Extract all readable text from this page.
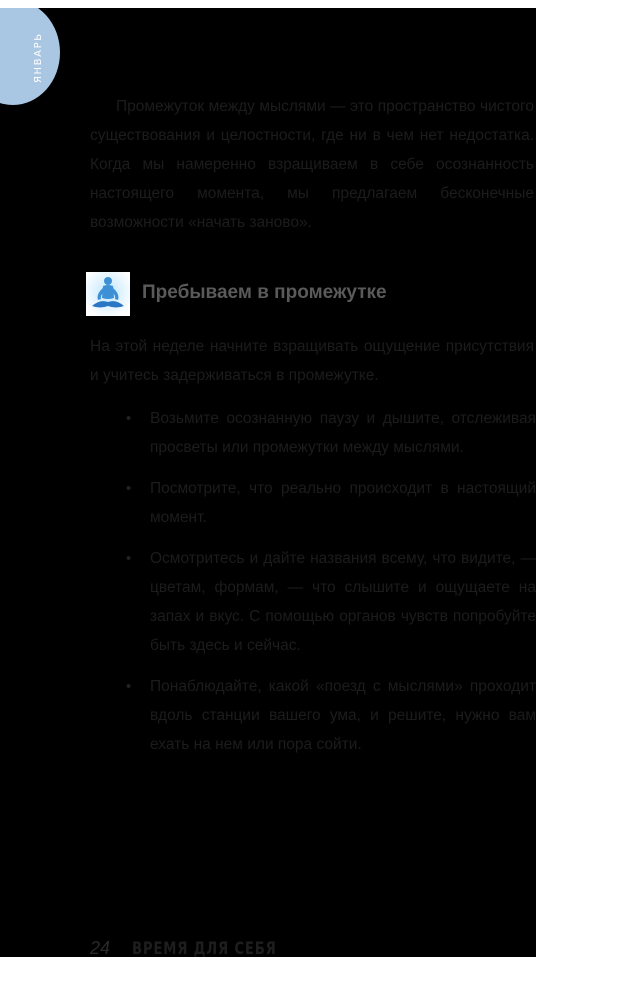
ЯНВАРЬ

Промежуток между мыслями — это пространство чистого существования и целостности, где ни в чем нет недостатка. Когда мы намеренно взращиваем в себе осознанность настоящего момента, мы предлагаем бесконечные возможности «начать заново».

Пребываем в промежутке

На этой неделе начните взращивать ощущение присутствия и учитесь задерживаться в промежутке.

• Возьмите осознанную паузу и дышите, отслеживая просветы или промежутки между мыслями.
• Посмотрите, что реально происходит в настоящий момент.
• Осмотритесь и дайте названия всему, что видите, — цветам, формам, — что слышите и ощущаете на запах и вкус. С помощью органов чувств попробуйте быть здесь и сейчас.
• Понаблюдайте, какой «поезд с мыслями» проходит вдоль станции вашего ума, и решите, нужно вам ехать на нем или пора сойти.
24 ВРЕМЯ ДЛЯ СЕБЯ
